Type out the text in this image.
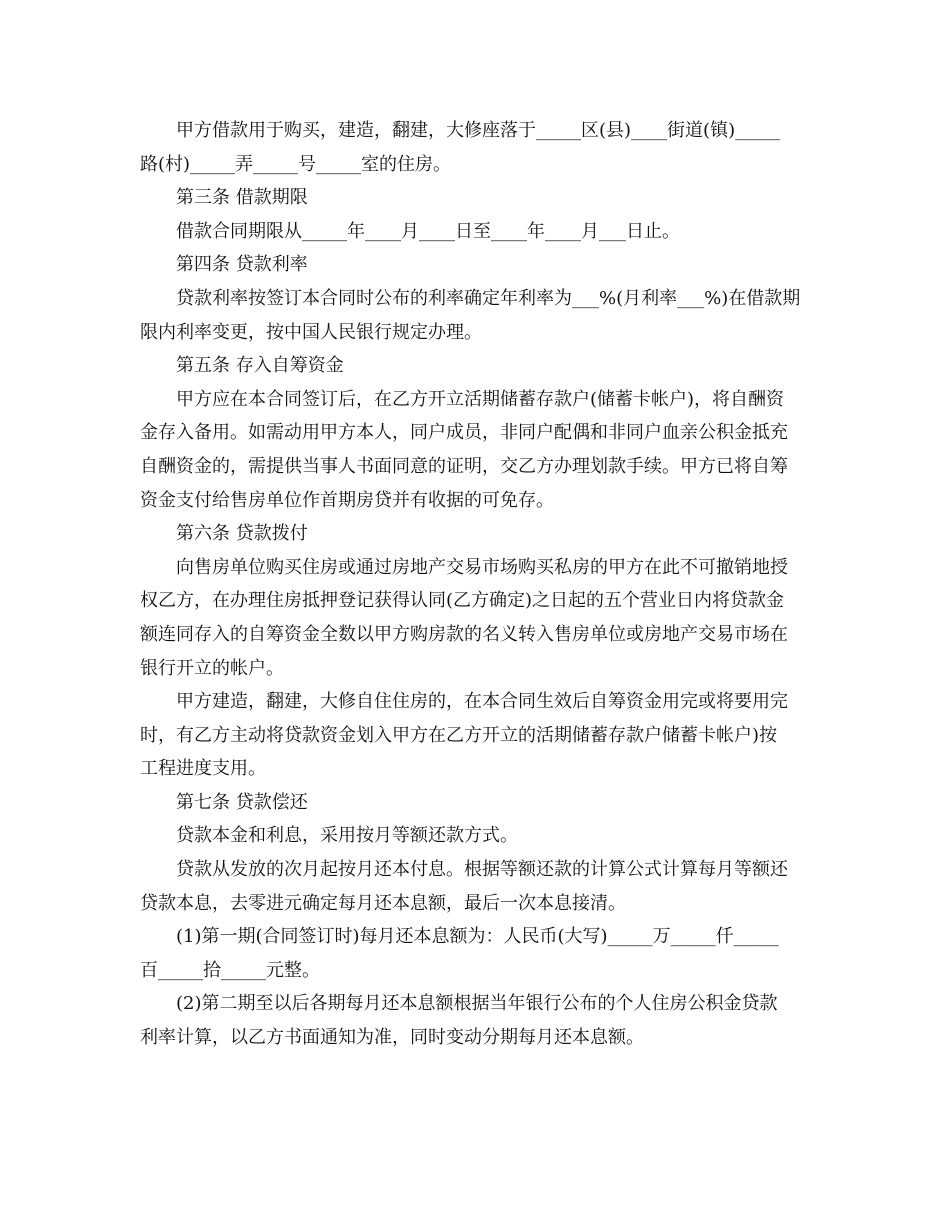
甲方借款用于购买，建造，翻建，大修座落于_____区(县)____街道(镇)_____
路(村)_____弄_____号_____室的住房。
第三条 借款期限
借款合同期限从_____年____月____日至____年____月___日止。
第四条 贷款利率
贷款利率按签订本合同时公布的利率确定年利率为___%(月利率___%)在借款期
限内利率变更，按中国人民银行规定办理。
第五条 存入自筹资金
甲方应在本合同签订后，在乙方开立活期储蓄存款户(储蓄卡帐户)，将自酬资
金存入备用。如需动用甲方本人，同户成员，非同户配偶和非同户血亲公积金抵充
自酬资金的，需提供当事人书面同意的证明，交乙方办理划款手续。甲方已将自筹
资金支付给售房单位作首期房贷并有收据的可免存。
第六条 贷款拨付
向售房单位购买住房或通过房地产交易市场购买私房的甲方在此不可撤销地授
权乙方，在办理住房抵押登记获得认同(乙方确定)之日起的五个营业日内将贷款金
额连同存入的自筹资金全数以甲方购房款的名义转入售房单位或房地产交易市场在
银行开立的帐户。
甲方建造，翻建，大修自住住房的，在本合同生效后自筹资金用完或将要用完
时，有乙方主动将贷款资金划入甲方在乙方开立的活期储蓄存款户储蓄卡帐户)按
工程进度支用。
第七条 贷款偿还
贷款本金和利息，采用按月等额还款方式。
贷款从发放的次月起按月还本付息。根据等额还款的计算公式计算每月等额还
贷款本息，去零进元确定每月还本息额，最后一次本息接清。
(1)第一期(合同签订时)每月还本息额为：人民币(大写)_____万_____仟_____
百_____拾_____元整。
(2)第二期至以后各期每月还本息额根据当年银行公布的个人住房公积金贷款
利率计算，以乙方书面通知为准，同时变动分期每月还本息额。
